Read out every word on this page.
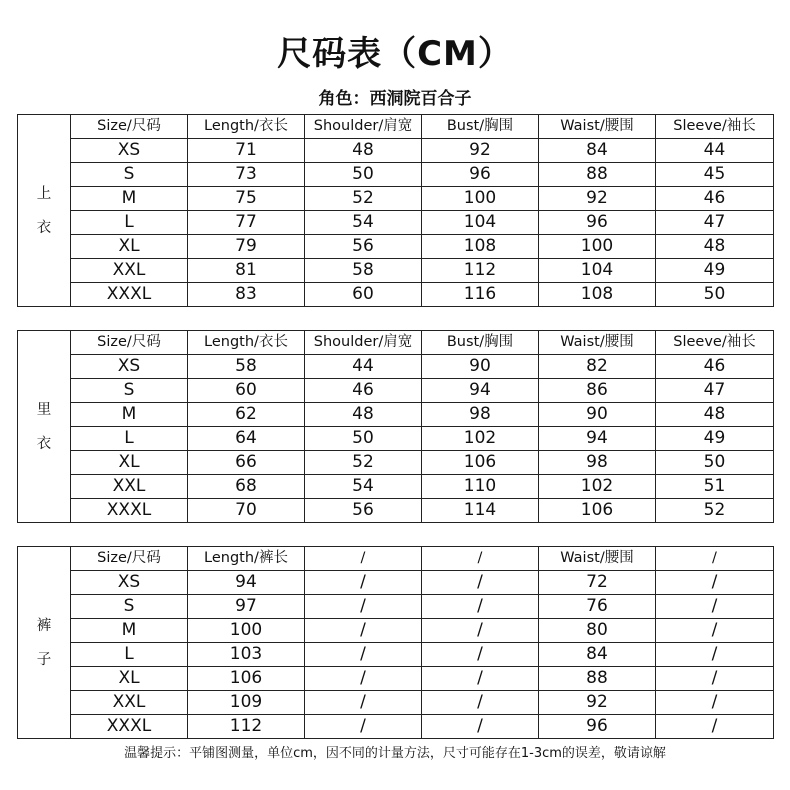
尺码表（CM）
角色：西洞院百合子
上
衣	Size/尺码	Length/衣长	Shoulder/肩宽	Bust/胸围	Waist/腰围	Sleeve/袖长
	XS	71	48	92	84	44
	S	73	50	96	88	45
	M	75	52	100	92	46
	L	77	54	104	96	47
	XL	79	56	108	100	48
	XXL	81	58	112	104	49
	XXXL	83	60	116	108	50
里
衣	Size/尺码	Length/衣长	Shoulder/肩宽	Bust/胸围	Waist/腰围	Sleeve/袖长
	XS	58	44	90	82	46
	S	60	46	94	86	47
	M	62	48	98	90	48
	L	64	50	102	94	49
	XL	66	52	106	98	50
	XXL	68	54	110	102	51
	XXXL	70	56	114	106	52
裤
子	Size/尺码	Length/裤长	/	/	Waist/腰围	/
	XS	94	/	/	72	/
	S	97	/	/	76	/
	M	100	/	/	80	/
	L	103	/	/	84	/
	XL	106	/	/	88	/
	XXL	109	/	/	92	/
	XXXL	112	/	/	96	/
温馨提示：平铺图测量，单位cm，因不同的计量方法，尺寸可能存在1-3cm的误差，敬请谅解
